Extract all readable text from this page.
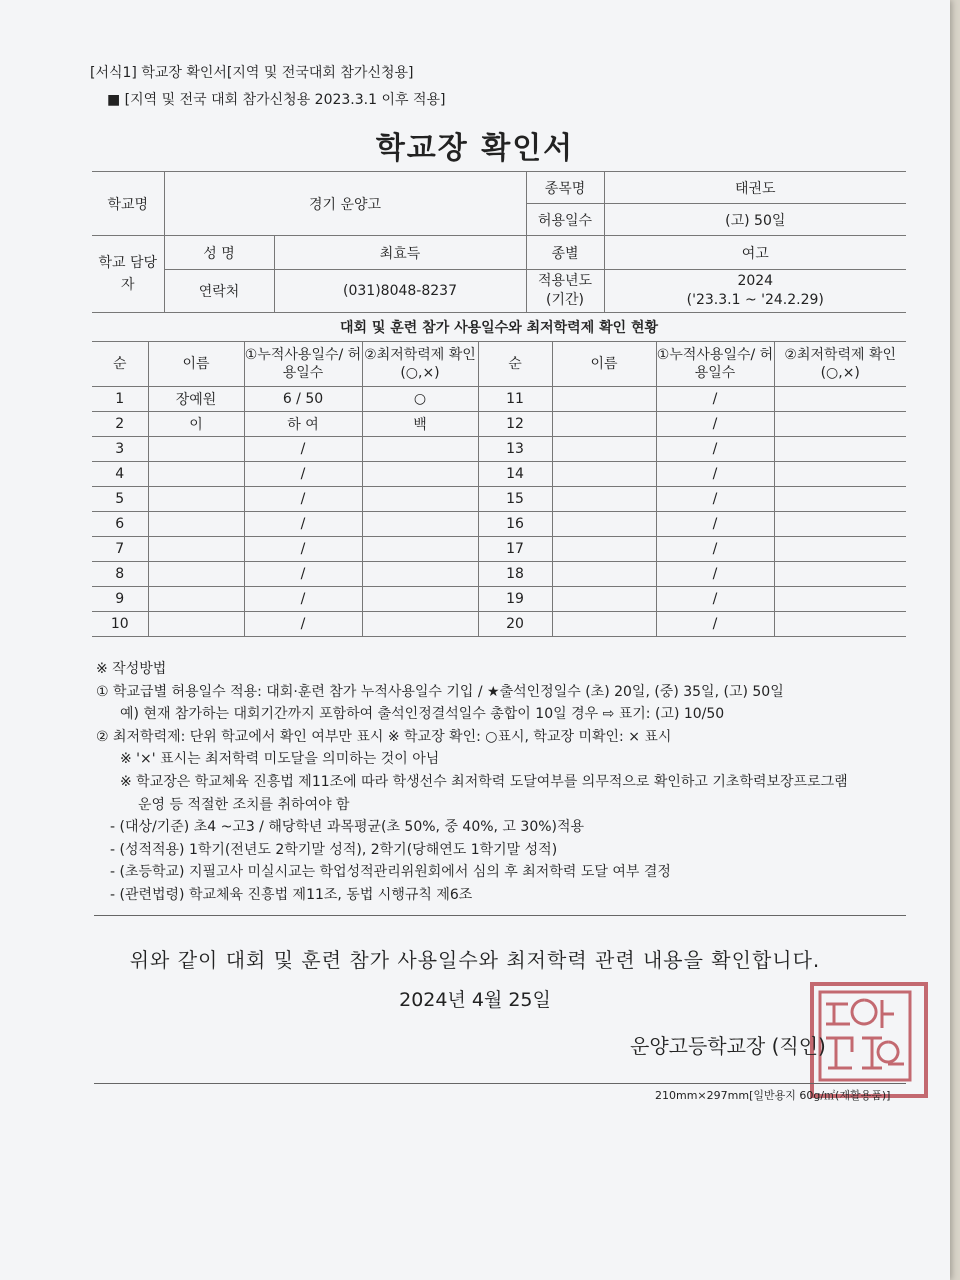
[서식1] 학교장 확인서[지역 및 전국대회 참가신청용]
■ [지역 및 전국 대회 참가신청용 2023.3.1 이후 적용]
학교장 확인서
학교명	경기 운양고		종목명	태권도
			허용일수	(고) 50일
학교 담당자	성 명	최효득	종별	여고
	연락처	(031)8048-8237	적용년도 (기간)	2024
('23.3.1 ~ '24.2.29)
대회 및 훈련 참가 사용일수와 최저학력제 확인 현황							
순	이름	①누적사용일수/ 허용일수	②최저학력제 확인(○,×)	순	이름	①누적사용일수/ 허용일수	②최저학력제 확인(○,×)
1	장예원	6 / 50	○	11		/	
2	이	하 여	백	12		/	
3		/		13		/	
4		/		14		/	
5		/		15		/	
6		/		16		/	
7		/		17		/	
8		/		18		/	
9		/		19		/	
10		/		20		/	
※ 작성방법
① 학교급별 허용일수 적용: 대회·훈련 참가 누적사용일수 기입 / ★출석인정일수 (초) 20일, (중) 35일, (고) 50일
예) 현재 참가하는 대회기간까지 포함하여 출석인정결석일수 총합이 10일 경우 ⇨ 표기: (고) 10/50
② 최저학력제: 단위 학교에서 확인 여부만 표시 ※ 학교장 확인: ○표시, 학교장 미확인: × 표시
※ '×' 표시는 최저학력 미도달을 의미하는 것이 아님
※ 학교장은 학교체육 진흥법 제11조에 따라 학생선수 최저학력 도달여부를 의무적으로 확인하고 기초학력보장프로그램
운영 등 적절한 조치를 취하여야 함
- (대상/기준) 초4 ~고3 / 해당학년 과목평균(초 50%, 중 40%, 고 30%)적용
- (성적적용) 1학기(전년도 2학기말 성적), 2학기(당해연도 1학기말 성적)
- (초등학교) 지필고사 미실시교는 학업성적관리위원회에서 심의 후 최저학력 도달 여부 결정
- (관련법령) 학교체육 진흥법 제11조, 동법 시행규칙 제6조
위와 같이 대회 및 훈련 참가 사용일수와 최저학력 관련 내용을 확인합니다.
2024년 4월 25일
운양고등학교장 (직인)
210mm×297mm[일반용지 60g/㎡(재활용품)]
